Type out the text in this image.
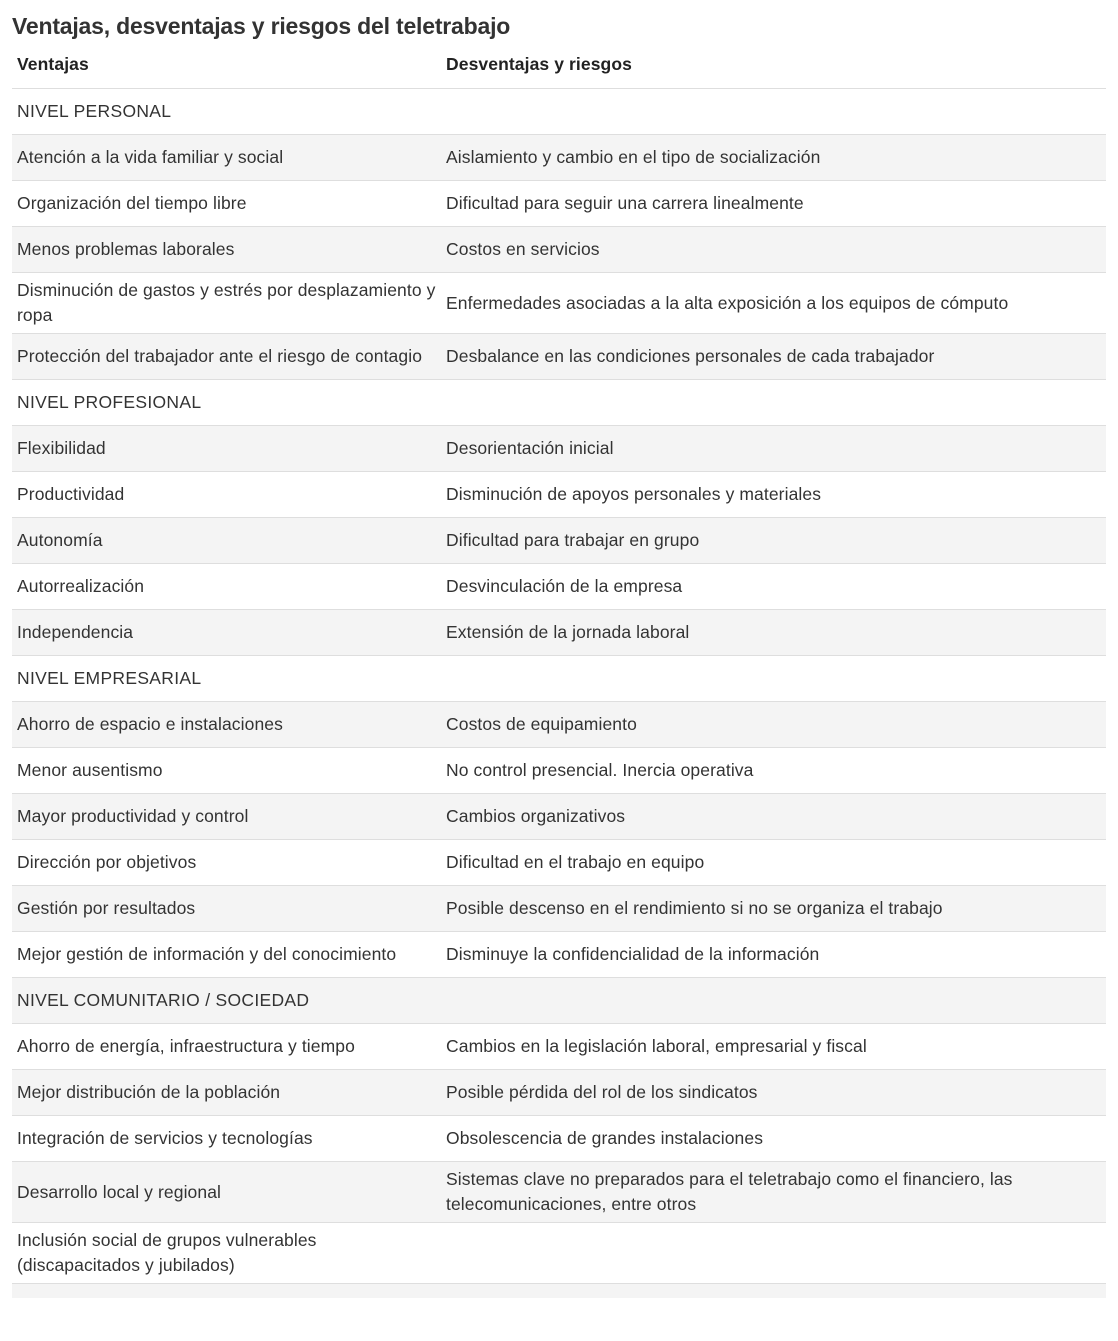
Ventajas, desventajas y riesgos del teletrabajo
Ventajas	Desventajas y riesgos
NIVEL PERSONAL	
Atención a la vida familiar y social	Aislamiento y cambio en el tipo de socialización
Organización del tiempo libre	Dificultad para seguir una carrera linealmente
Menos problemas laborales	Costos en servicios
Disminución de gastos y estrés por desplazamiento y ropa	Enfermedades asociadas a la alta exposición a los equipos de cómputo
Protección del trabajador ante el riesgo de contagio	Desbalance en las condiciones personales de cada trabajador
NIVEL PROFESIONAL	
Flexibilidad	Desorientación inicial
Productividad	Disminución de apoyos personales y materiales
Autonomía	Dificultad para trabajar en grupo
Autorrealización	Desvinculación de la empresa
Independencia	Extensión de la jornada laboral
NIVEL EMPRESARIAL	
Ahorro de espacio e instalaciones	Costos de equipamiento
Menor ausentismo	No control presencial. Inercia operativa
Mayor productividad y control	Cambios organizativos
Dirección por objetivos	Dificultad en el trabajo en equipo
Gestión por resultados	Posible descenso en el rendimiento si no se organiza el trabajo
Mejor gestión de información y del conocimiento	Disminuye la confidencialidad de la información
NIVEL COMUNITARIO / SOCIEDAD	
Ahorro de energía, infraestructura y tiempo	Cambios en la legislación laboral, empresarial y fiscal
Mejor distribución de la población	Posible pérdida del rol de los sindicatos
Integración de servicios y tecnologías	Obsolescencia de grandes instalaciones
Desarrollo local y regional	Sistemas clave no preparados para el teletrabajo como el financiero, las telecomunicaciones, entre otros
Inclusión social de grupos vulnerables (discapacitados y jubilados)	
